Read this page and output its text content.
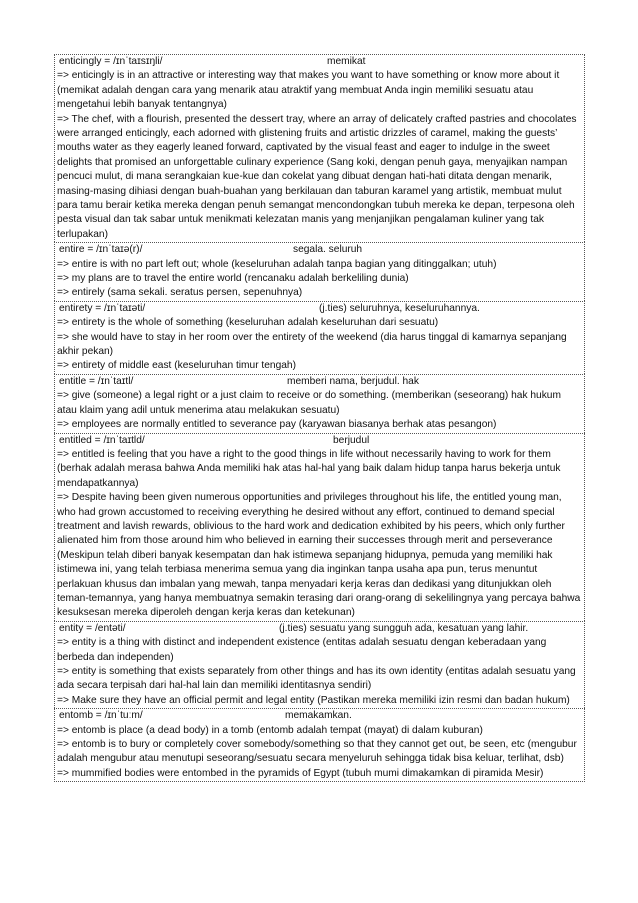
enticingly = /ɪnˈtaɪsɪŋli/	memikat
=> enticingly is in an attractive or interesting way that makes you want to have something or know more about it (memikat adalah dengan cara yang menarik atau atraktif yang membuat Anda ingin memiliki sesuatu atau mengetahui lebih banyak tentangnya)
=> The chef, with a flourish, presented the dessert tray, where an array of delicately crafted pastries and chocolates were arranged enticingly, each adorned with glistening fruits and artistic drizzles of caramel, making the guests’ mouths water as they eagerly leaned forward, captivated by the visual feast and eager to indulge in the sweet delights that promised an unforgettable culinary experience (Sang koki, dengan penuh gaya, menyajikan nampan pencuci mulut, di mana serangkaian kue-kue dan cokelat yang dibuat dengan hati-hati ditata dengan menarik, masing-masing dihiasi dengan buah-buahan yang berkilauan dan taburan karamel yang artistik, membuat mulut para tamu berair ketika mereka dengan penuh semangat mencondongkan tubuh mereka ke depan, terpesona oleh pesta visual dan tak sabar untuk menikmati kelezatan manis yang menjanjikan pengalaman kuliner yang tak terlupakan)
entire = /ɪnˈtaɪə(r)/	segala. seluruh
=> entire is with no part left out; whole (keseluruhan adalah tanpa bagian yang ditinggalkan; utuh)
=> my plans are to travel the entire world (rencanaku adalah berkeliling dunia)
=> entirely (sama sekali. seratus persen, sepenuhnya)
entirety = /ɪnˈtaɪəti/	(j.ties) seluruhnya, keseluruhannya.
=> entirety is the whole of something (keseluruhan adalah keseluruhan dari sesuatu)
=> she would have to stay in her room over the entirety of the weekend (dia harus tinggal di kamarnya sepanjang akhir pekan)
=> entirety of middle east (keseluruhan timur tengah)
entitle = /ɪnˈtaɪtl/	memberi nama, berjudul. hak
=> give (someone) a legal right or a just claim to receive or do something. (memberikan (seseorang) hak hukum atau klaim yang adil untuk menerima atau melakukan sesuatu)
=> employees are normally entitled to severance pay (karyawan biasanya berhak atas pesangon)
entitled = /ɪnˈtaɪtld/	berjudul
=> entitled is feeling that you have a right to the good things in life without necessarily having to work for them (berhak adalah merasa bahwa Anda memiliki hak atas hal-hal yang baik dalam hidup tanpa harus bekerja untuk mendapatkannya)
=> Despite having been given numerous opportunities and privileges throughout his life, the entitled young man, who had grown accustomed to receiving everything he desired without any effort, continued to demand special treatment and lavish rewards, oblivious to the hard work and dedication exhibited by his peers, which only further alienated him from those around him who believed in earning their successes through merit and perseverance (Meskipun telah diberi banyak kesempatan dan hak istimewa sepanjang hidupnya, pemuda yang memiliki hak istimewa ini, yang telah terbiasa menerima semua yang dia inginkan tanpa usaha apa pun, terus menuntut perlakuan khusus dan imbalan yang mewah, tanpa menyadari kerja keras dan dedikasi yang ditunjukkan oleh teman-temannya, yang hanya membuatnya semakin terasing dari orang-orang di sekelilingnya yang percaya bahwa kesuksesan mereka diperoleh dengan kerja keras dan ketekunan)
entity = /entəti/	(j.ties) sesuatu yang sungguh ada, kesatuan yang lahir.
=> entity is a thing with distinct and independent existence (entitas adalah sesuatu dengan keberadaan yang berbeda dan independen)
=> entity is something that exists separately from other things and has its own identity (entitas adalah sesuatu yang ada secara terpisah dari hal-hal lain dan memiliki identitasnya sendiri)
=> Make sure they have an official permit and legal entity (Pastikan mereka memiliki izin resmi dan badan hukum)
entomb = /ɪnˈtuːm/	memakamkan.
=> entomb is place (a dead body) in a tomb (entomb adalah tempat (mayat) di dalam kuburan)
=> entomb is to bury or completely cover somebody/something so that they cannot get out, be seen, etc (mengubur adalah mengubur atau menutupi seseorang/sesuatu secara menyeluruh sehingga tidak bisa keluar, terlihat, dsb)
=> mummified bodies were entombed in the pyramids of Egypt (tubuh mumi dimakamkan di piramida Mesir)
